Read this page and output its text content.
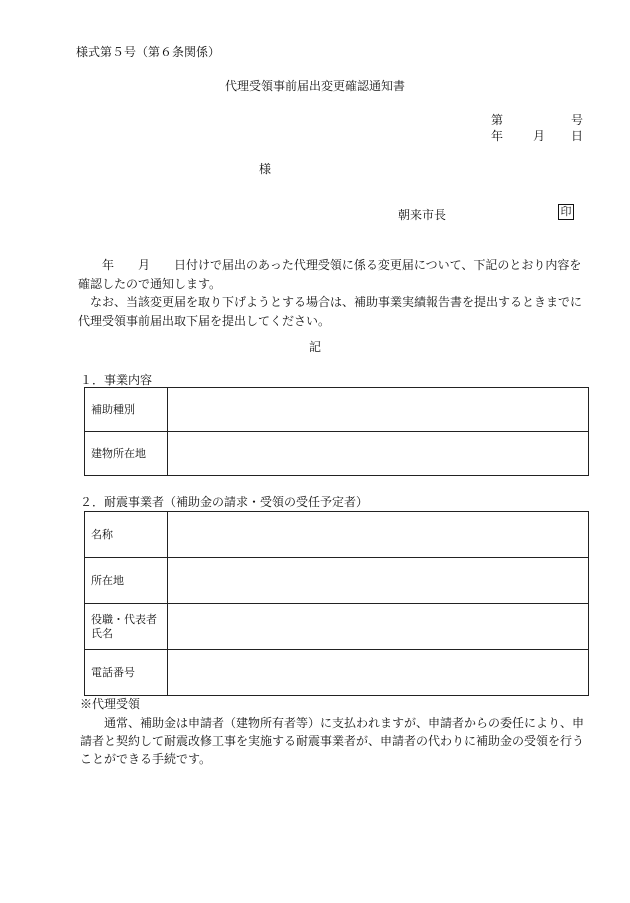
様式第５号（第６条関係）
代理受領事前届出変更確認通知書
第	号
年 月 日
様
朝来市長	印

　　年　　月　　日付けで届出のあった代理受領に係る変更届について、下記のとおり内容を確認したので通知します。

　なお、当該変更届を取り下げようとする場合は、補助事業実績報告書を提出するときまでに代理受領事前届出取下届を提出してください。

記
１．事業内容
補助種別	
建物所在地	
２．耐震事業者（補助金の請求・受領の受任予定者）
名称	
所在地	

役職・代表者
氏名	

電話番号	
※代理受領

　　通常、補助金は申請者（建物所有者等）に支払われますが、申請者からの委任により、申請者と契約して耐震改修工事を実施する耐震事業者が、申請者の代わりに補助金の受領を行うことができる手続です。
